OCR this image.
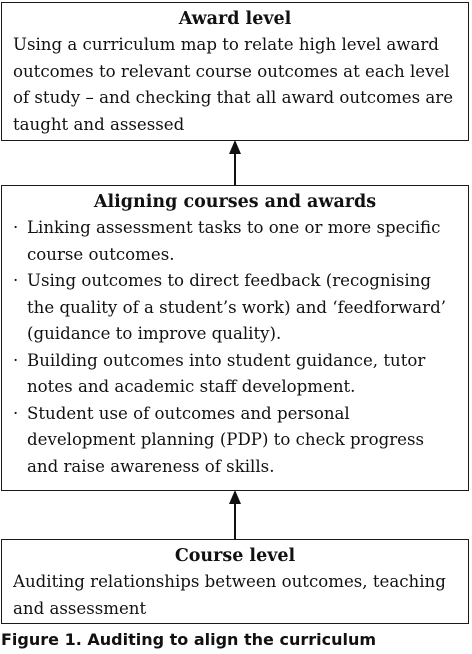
Award level
Using a curriculum map to relate high level award outcomes to relevant course outcomes at each level of study – and checking that all award outcomes are taught and assessed
Aligning courses and awards
· Linking assessment tasks to one or more specific course outcomes.
· Using outcomes to direct feedback (recognising the quality of a student’s work) and ‘feedforward’ (guidance to improve quality).
· Building outcomes into student guidance, tutor notes and academic staff development.
· Student use of outcomes and personal development planning (PDP) to check progress and raise awareness of skills.
Course level
Auditing relationships between outcomes, teaching and assessment
Figure 1. Auditing to align the curriculum
